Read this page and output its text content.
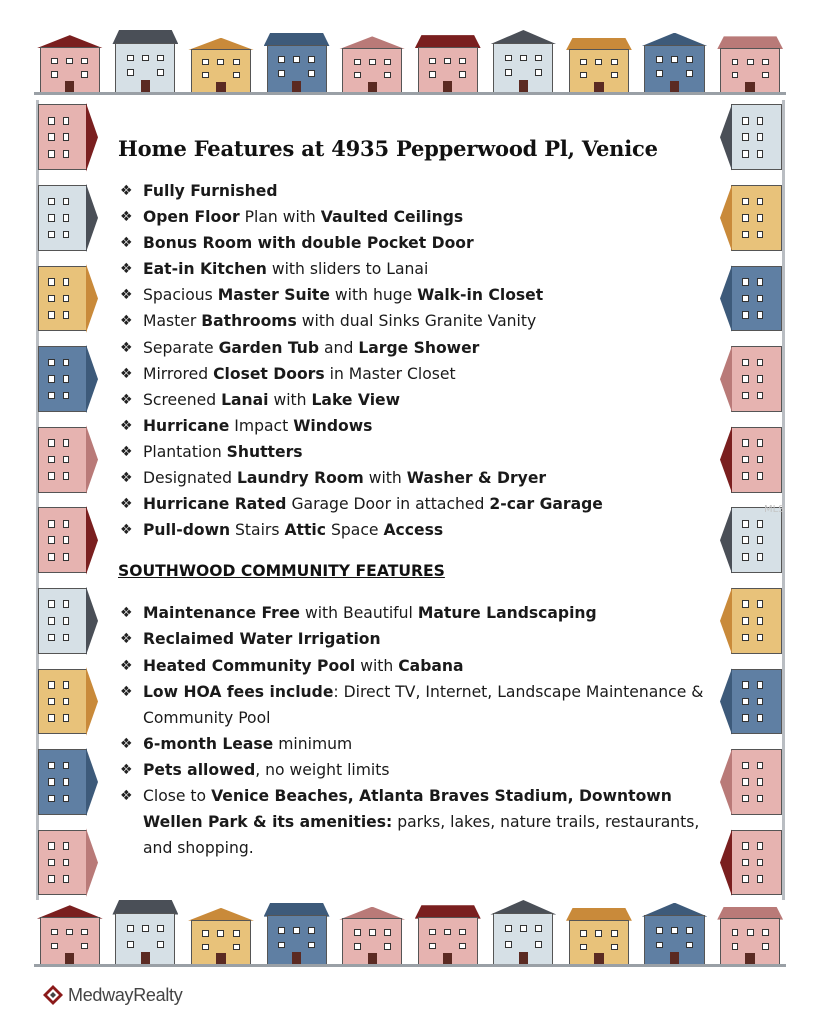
Home Features at 4935 Pepperwood Pl, Venice
❖ Fully Furnished
❖ Open Floor Plan with Vaulted Ceilings
❖ Bonus Room with double Pocket Door
❖ Eat-in Kitchen with sliders to Lanai
❖ Spacious Master Suite with huge Walk-in Closet
❖ Master Bathrooms with dual Sinks Granite Vanity
❖ Separate Garden Tub and Large Shower
❖ Mirrored Closet Doors in Master Closet
❖ Screened Lanai with Lake View
❖ Hurricane Impact Windows
❖ Plantation Shutters
❖ Designated Laundry Room with Washer & Dryer
❖ Hurricane Rated Garage Door in attached 2-car Garage
❖ Pull-down Stairs Attic Space Access
SOUTHWOOD COMMUNITY FEATURES
❖ Maintenance Free with Beautiful Mature Landscaping
❖ Reclaimed Water Irrigation
❖ Heated Community Pool with Cabana
❖ Low HOA fees include: Direct TV, Internet, Landscape Maintenance & Community Pool
❖ 6-month Lease minimum
❖ Pets allowed, no weight limits
❖ Close to Venice Beaches, Atlanta Braves Stadium, Downtown Wellen Park & its amenities: parks, lakes, nature trails, restaurants, and shopping.
MLS
MedwayRealty
